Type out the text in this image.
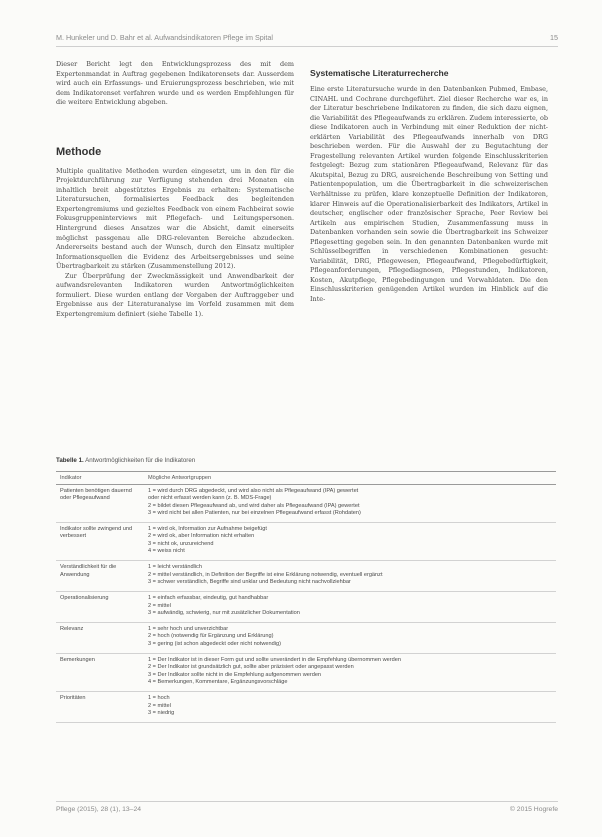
M. Hunkeler und D. Bahr et al. Aufwandsindikatoren Pflege im Spital	15

Dieser Bericht legt den Entwicklungsprozess des mit dem Expertenmandat in Auftrag gegebenen Indikatorensets dar. Ausserdem wird auch ein Erfassungs- und Eruierungsprozess beschrieben, wie mit dem Indikatorenset verfahren wurde und es werden Empfehlungen für die weitere Entwicklung abgeben.

Methode

Multiple qualitative Methoden wurden eingesetzt, um in den für die Projektdurchführung zur Verfügung stehenden drei Monaten ein inhaltlich breit abgestütztes Ergebnis zu erhalten: Systematische Literatursuchen, formalisiertes Feedback des begleitenden Expertengremiums und gezieltes Feedback von einem Fachbeirat sowie Fokusgruppeninterviews mit Pflegefach- und Leitungspersonen. Hintergrund dieses Ansatzes war die Absicht, damit einerseits möglichst passgenau alle DRG-relevanten Bereiche abzudecken. Andererseits bestand auch der Wunsch, durch den Einsatz multipler Informationsquellen die Evidenz des Arbeitsergebnisses und seine Übertragbarkeit zu stärken (Zusammenstellung 2012).

Zur Überprüfung der Zweckmässigkeit und Anwendbarkeit der aufwandsrelevanten Indikatoren wurden Antwortmöglichkeiten formuliert. Diese wurden entlang der Vorgaben der Auftraggeber und Ergebnisse aus der Literaturanalyse im Vorfeld zusammen mit dem Expertengremium definiert (siehe Tabelle 1).

Systematische Literaturrecherche

Eine erste Literatursuche wurde in den Datenbanken Pubmed, Embase, CINAHL und Cochrane durchgeführt. Ziel dieser Recherche war es, in der Literatur beschriebene Indikatoren zu finden, die sich dazu eignen, die Variabilität des Pflegeaufwands zu erklären. Zudem interessierte, ob diese Indikatoren auch in Verbindung mit einer Reduktion der nicht-erklärten Variabilität des Pflegeaufwands innerhalb von DRG beschrieben werden. Für die Auswahl der zu Begutachtung der Fragestellung relevanten Artikel wurden folgende Einschlusskriterien festgelegt: Bezug zum stationären Pflegeaufwand, Relevanz für das Akutspital, Bezug zu DRG, ausreichende Beschreibung von Setting und Patientenpopulation, um die Übertragbarkeit in die schweizerischen Verhältnisse zu prüfen, klare konzeptuelle Definition der Indikatoren, klarer Hinweis auf die Operationalisierbarkeit des Indikators, Artikel in deutscher, englischer oder französischer Sprache, Peer Review bei Artikeln aus empirischen Studien, Zusammenfassung muss in Datenbanken vorhanden sein sowie die Übertragbarkeit ins Schweizer Pflegesetting gegeben sein. In den genannten Datenbanken wurde mit Schlüsselbegriffen in verschiedenen Kombinationen gesucht: Variabilität, DRG, Pflegewesen, Pflegeaufwand, Pflegebedürftigkeit, Pflegeanforderungen, Pflegediagnosen, Pflegestunden, Indikatoren, Kosten, Akutpflege, Pflegebedingungen und Vorwahldaten. Die den Einschlusskriterien genügenden Artikel wurden im Hinblick auf die Inte-

Tabelle 1. Antwortmöglichkeiten für die Indikatoren
Indikator	Mögliche Antwortgruppen
Patienten benötigen dauernd oder Pflegeaufwand	1 = wird durch DRG abgedeckt, und wird also nicht als Pflegeaufwand (IPA) gewertet
oder nicht erfasst werden kann (z. B. MDS-Frage)
2 = bildet diesen Pflegeaufwand ab, und wird daher als Pflegeaufwand (IPA) gewertet
3 = wird nicht bei allen Patienten, nur bei einzelnen Pflegeaufwand erfasst (Rohdaten)

Indikator sollte zwingend und verbessert	1 = wird ok, Information zur Aufnahme beigefügt
2 = wird ok, aber Information nicht erhalten
3 = nicht ok, unzureichend
4 = weiss nicht

Verständlichkeit für die Anwendung	1 = leicht verständlich
2 = mittel verständlich, in Definition der Begriffe ist eine Erklärung notwendig, eventuell ergänzt
3 = schwer verständlich, Begriffe sind unklar und Bedeutung nicht nachvollziehbar

Operationalisierung	1 = einfach erfassbar, eindeutig, gut handhabbar
2 = mittel
3 = aufwändig, schwierig, nur mit zusätzlicher Dokumentation

Relevanz	1 = sehr hoch und unverzichtbar
2 = hoch (notwendig für Ergänzung und Erklärung)
3 = gering (ist schon abgedeckt oder nicht notwendig)

Bemerkungen	1 = Der Indikator ist in dieser Form gut und sollte unverändert in die Empfehlung übernommen werden
2 = Der Indikator ist grundsätzlich gut, sollte aber präzisiert oder angepasst werden
3 = Der Indikator sollte nicht in die Empfehlung aufgenommen werden
4 = Bemerkungen, Kommentare, Ergänzungsvorschläge

Prioritäten	1 = hoch
2 = mittel
3 = niedrig
Pflege (2015), 28 (1), 13–24	© 2015 Hogrefe
